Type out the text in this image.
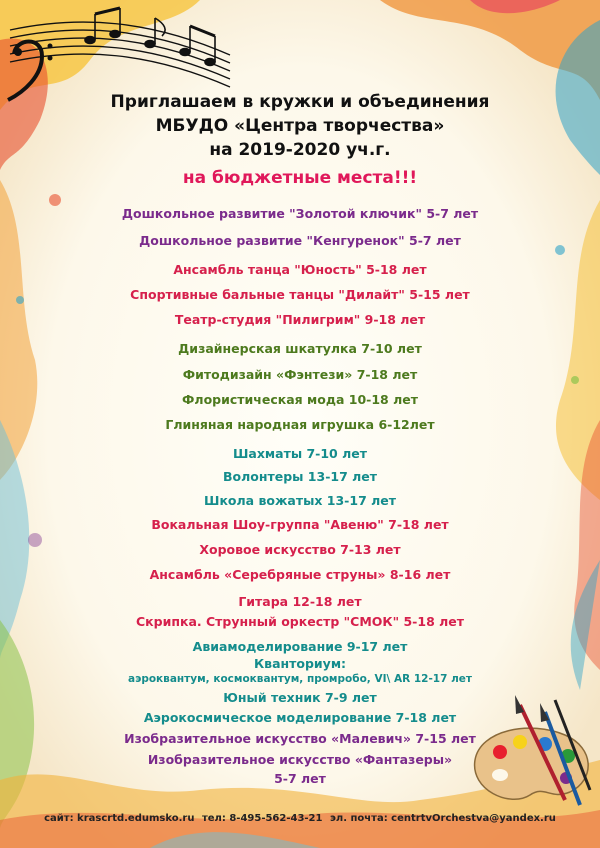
Приглашаем в кружки и объединения
МБУДО «Центра творчества»
на 2019-2020 уч.г.
на бюджетные места!!!
Дошкольное развитие "Золотой ключик" 5-7 лет
Дошкольное развитие "Кенгуренок" 5-7 лет
Ансамбль танца "Юность" 5-18 лет
Спортивные бальные танцы "Дилайт" 5-15 лет
Театр-студия "Пилигрим" 9-18 лет
Дизайнерская шкатулка 7-10 лет
Фитодизайн «Фэнтези» 7-18 лет
Флористическая мода 10-18 лет
Глиняная народная игрушка 6-12лет
Шахматы 7-10 лет
Волонтеры 13-17 лет
Школа вожатых 13-17 лет
Вокальная Шоу-группа "Авеню" 7-18 лет
Хоровое искусство 7-13 лет
Ансамбль «Серебряные струны» 8-16 лет
Гитара 12-18 лет
Скрипка. Струнный оркестр "СМОК" 5-18 лет
Авиамоделирование 9-17 лет
Кванториум:
аэроквантум, космоквантум, промробо, VI\ AR 12-17 лет
Юный техник 7-9 лет
Аэрокосмическое моделирование 7-18 лет
Изобразительное искусство «Малевич» 7-15 лет
Изобразительное искусство «Фантазеры»
5-7 лет
сайт: krascrtd.edumsko.ru тел: 8-495-562-43-21 эл. почта: centrtvOrchestva@yandex.ru
